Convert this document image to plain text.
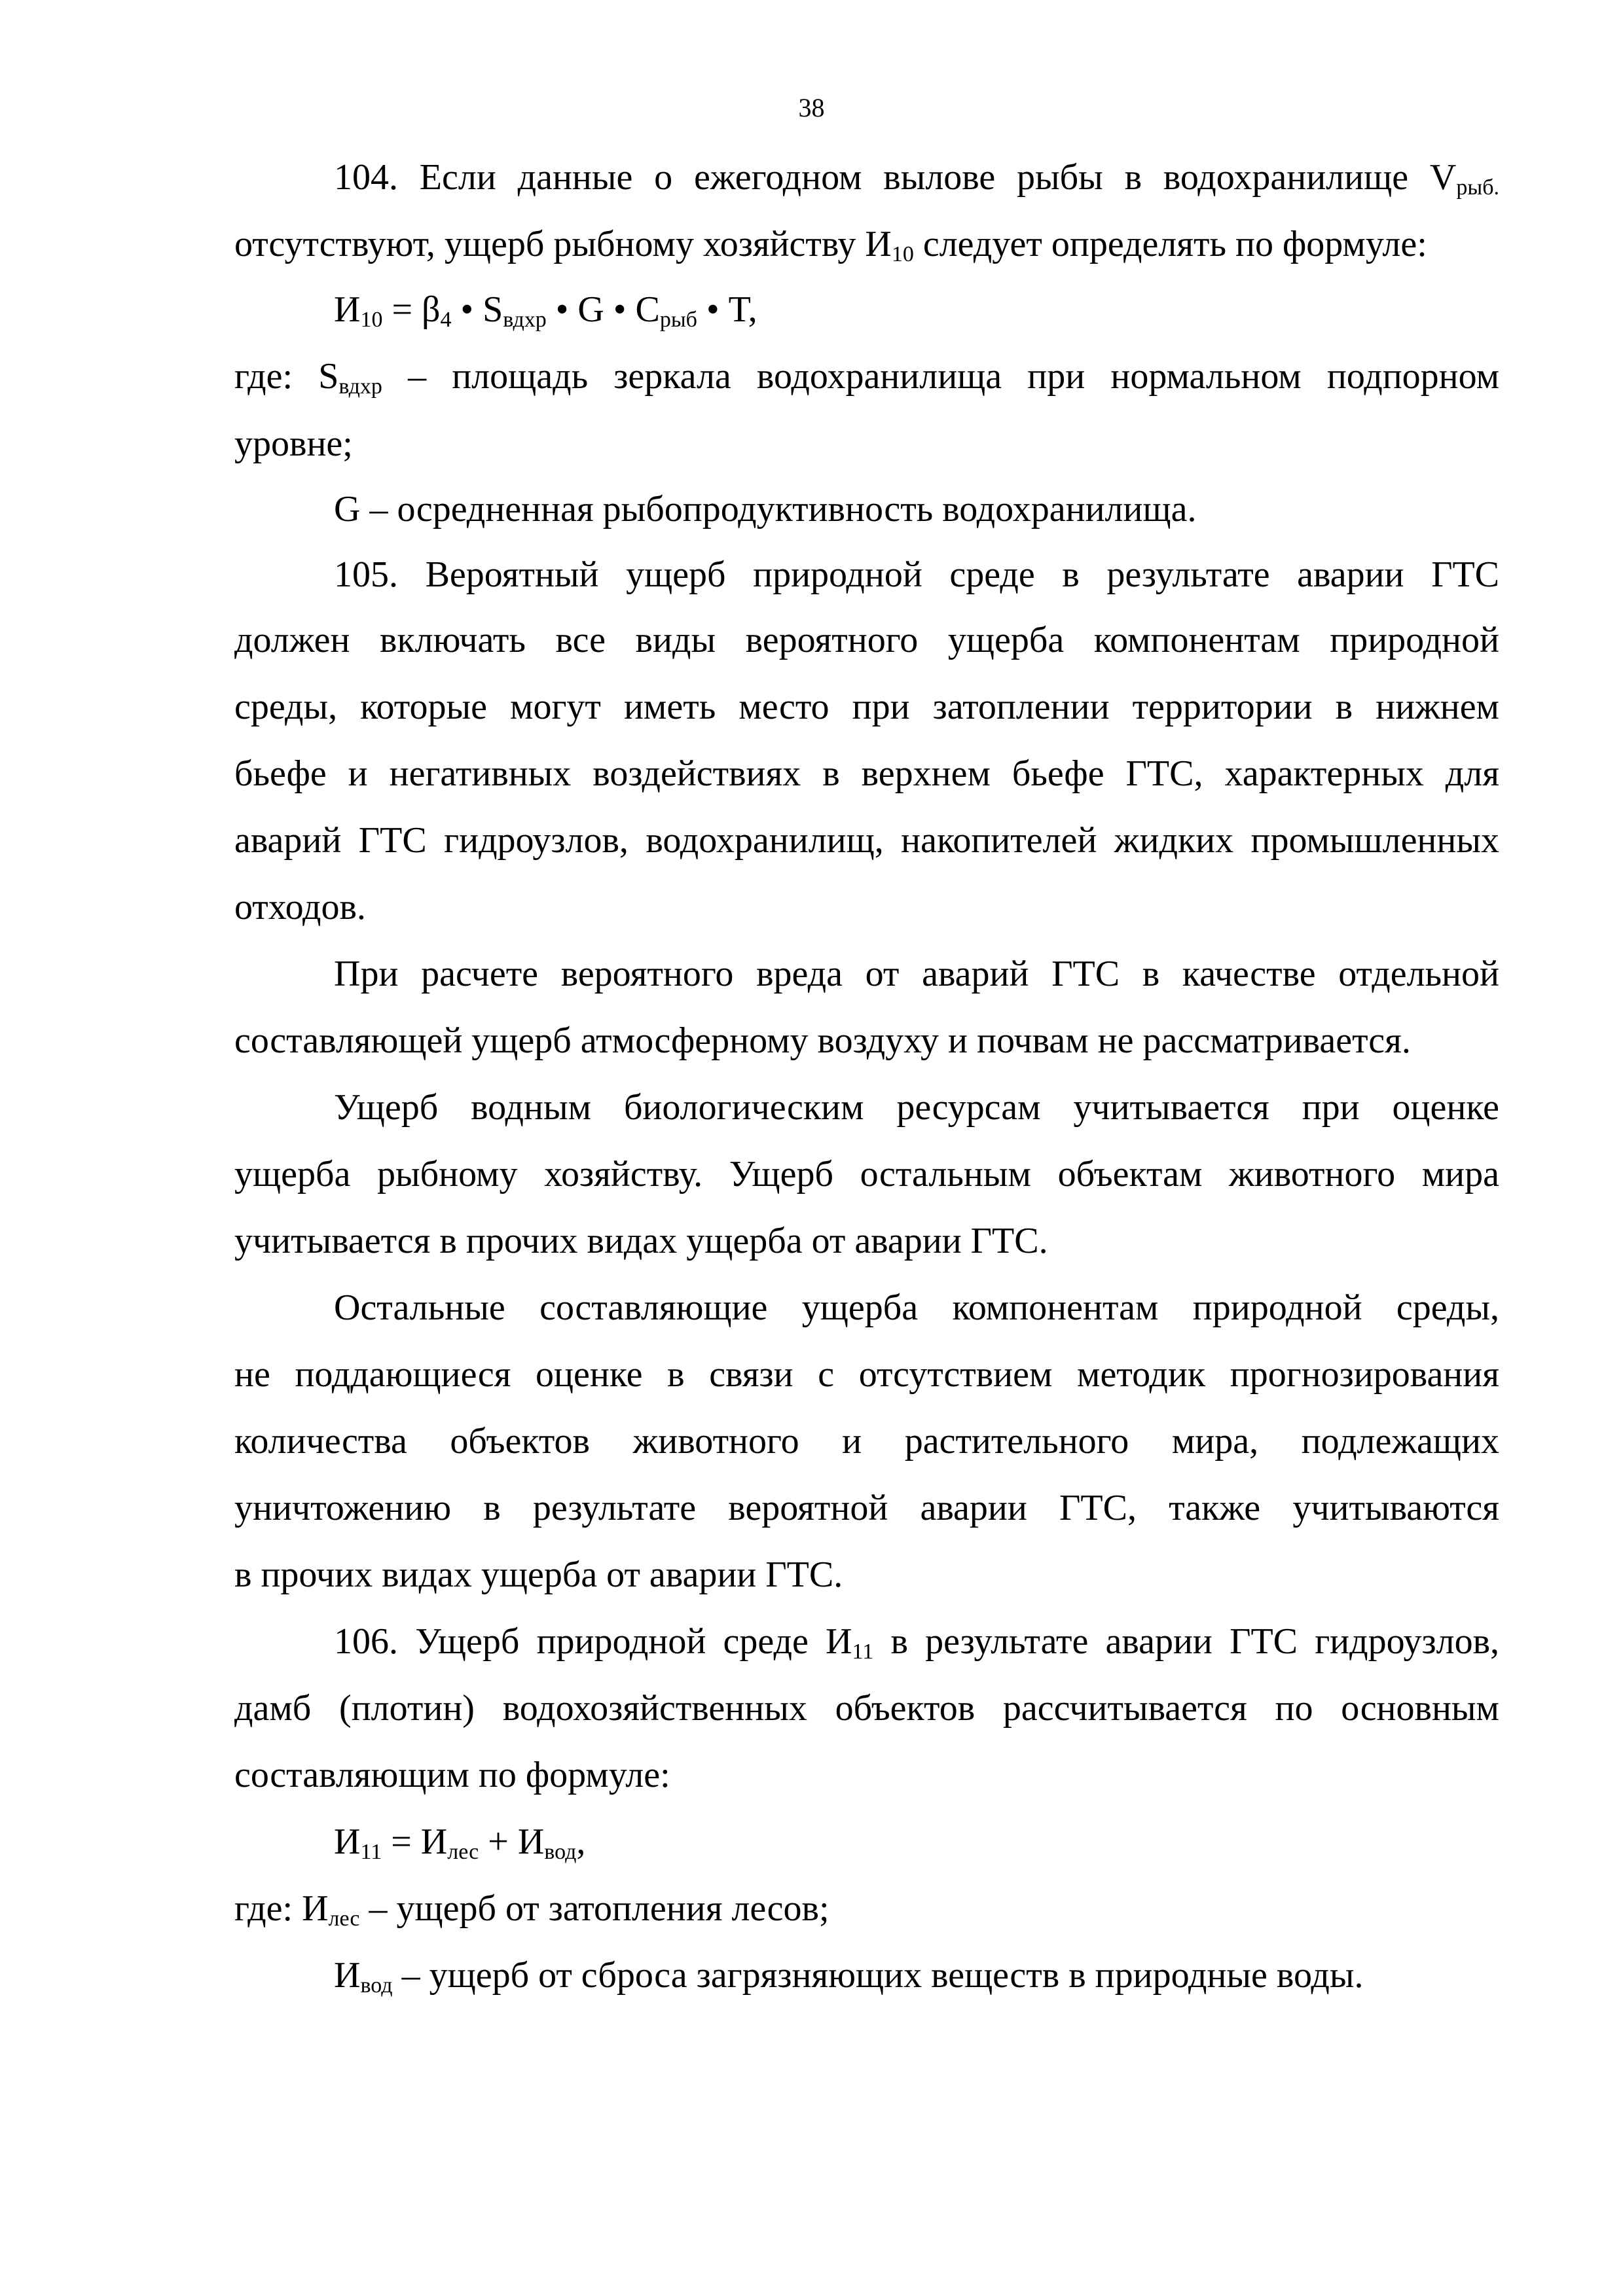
38
104. Если данные о ежегодном вылове рыбы в водохранилище $V_{рыб.}$
отсутствуют, ущерб рыбному хозяйству $И_{10}$ следует определять по формуле:
$И_{10} = \beta_4$ • $S_{вдхр}$ • G • $C_{рыб}$ • T,
где: $S_{вдхр}$ – площадь зеркала водохранилища при нормальном подпорном
уровне;
G – осредненная рыбопродуктивность водохранилища.
105. Вероятный ущерб природной среде в результате аварии ГТС
должен включать все виды вероятного ущерба компонентам природной
среды, которые могут иметь место при затоплении территории в нижнем
бьефе и негативных воздействиях в верхнем бьефе ГТС, характерных для
аварий ГТС гидроузлов, водохранилищ, накопителей жидких промышленных
отходов.
При расчете вероятного вреда от аварий ГТС в качестве отдельной
составляющей ущерб атмосферному воздуху и почвам не рассматривается.
Ущерб водным биологическим ресурсам учитывается при оценке
ущерба рыбному хозяйству. Ущерб остальным объектам животного мира
учитывается в прочих видах ущерба от аварии ГТС.
Остальные составляющие ущерба компонентам природной среды,
не поддающиеся оценке в связи с отсутствием методик прогнозирования
количества объектов животного и растительного мира, подлежащих
уничтожению в результате вероятной аварии ГТС, также учитываются
в прочих видах ущерба от аварии ГТС.
106. Ущерб природной среде $И_{11}$ в результате аварии ГТС гидроузлов,
дамб (плотин) водохозяйственных объектов рассчитывается по основным
составляющим по формуле:
$И_{11} = И_{лес} + И_{вод}$,
где: $И_{лес}$ – ущерб от затопления лесов;
$И_{вод}$ – ущерб от сброса загрязняющих веществ в природные воды.
